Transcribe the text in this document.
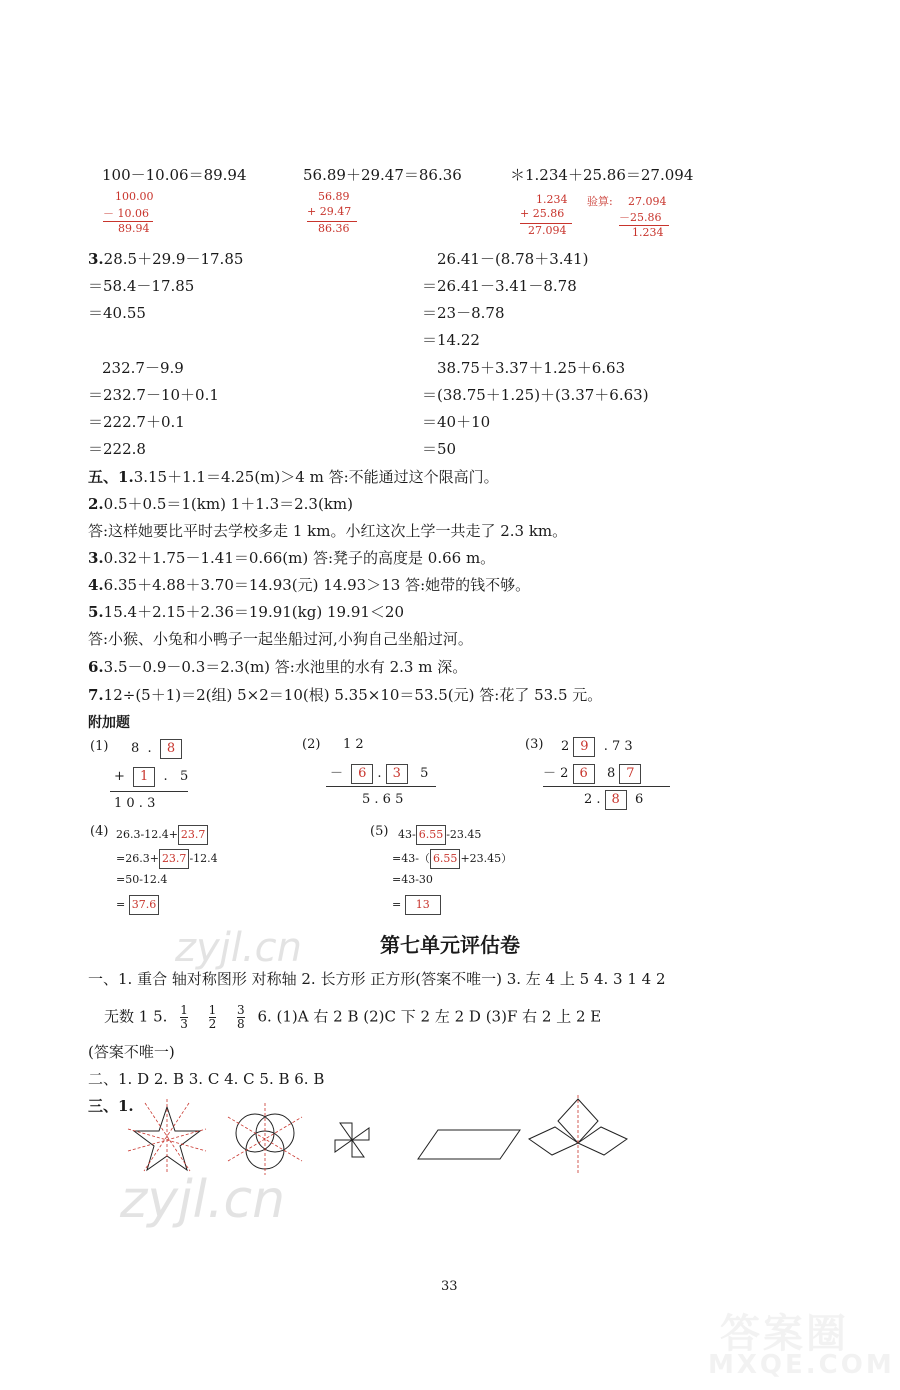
100－10.06＝89.94	56.89＋29.47＝86.36	＊1.234＋25.86＝27.094
100.00
－ 10.06
89.94
56.89
+ 29.47
86.36
1.234
+ 25.86
27.094
验算: 27.094
－25.86
1.234
3.28.5＋29.9－17.85
＝58.4－17.85
＝40.55
26.41－(8.78＋3.41)
＝26.41－3.41－8.78
＝23－8.78
＝14.22
232.7－9.9
＝232.7－10＋0.1
＝222.7＋0.1
＝222.8
38.75＋3.37＋1.25＋6.63
＝(38.75＋1.25)＋(3.37＋6.63)
＝40＋10
＝50
五、1.3.15＋1.1＝4.25(m)＞4 m 答:不能通过这个限高门。
2.0.5＋0.5＝1(km) 1＋1.3＝2.3(km)
答:这样她要比平时去学校多走 1 km。小红这次上学一共走了 2.3 km。
3.0.32＋1.75－1.41＝0.66(m) 答:凳子的高度是 0.66 m。
4.6.35＋4.88＋3.70＝14.93(元) 14.93＞13 答:她带的钱不够。
5.15.4＋2.15＋2.36＝19.91(kg) 19.91＜20
答:小猴、小兔和小鸭子一起坐船过河,小狗自己坐船过河。
6.3.5－0.9－0.3＝2.3(m) 答:水池里的水有 2.3 m 深。
7.12÷(5＋1)＝2(组) 5×2＝10(根) 5.35×10＝53.5(元) 答:花了 53.5 元。
附加题
(1) 8 . 8
+ 1 . 5
1 0 . 3
(2) 1 2
－ 6 . 3 5
5 . 6 5
(3) 2 9 . 7 3
－ 2 6 8 7
2 . 8 6
(4) 26.3-12.4+ 23.7
=26.3+ 23.7 -12.4
=50-12.4
= 37.6
(5) 43- 6.55 -23.45
=43-（ 6.55 +23.45）
=43-30
= 13
第七单元评估卷
一、1. 重合 轴对称图形 对称轴 2. 长方形 正方形(答案不唯一) 3. 左 4 上 5 4. 3 1 4 2
无数 1 5. $\frac{1}{3} \frac{1}{2} \frac{3}{8} 6$. (1)A 右 2 B (2)C 下 2 左 2 D (3)F 右 2 上 2 E
(答案不唯一)
二、1. D 2. B 3. C 4. C 5. B 6. B
三、1.
zyjl.cn
zyjl.cn
33
答案圈
MXQE.COM
